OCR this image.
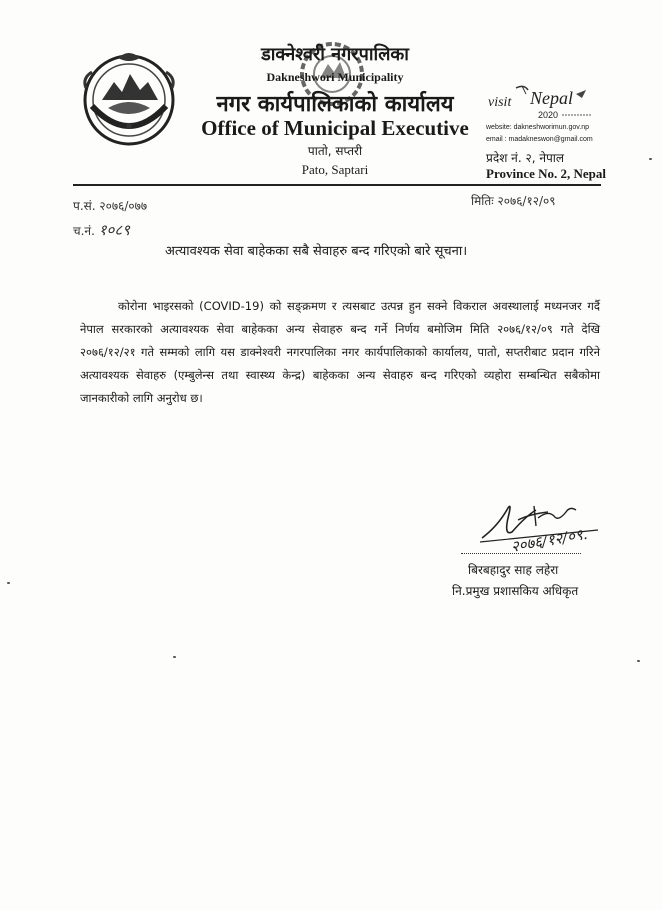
डाक्नेश्वरी नगरपालिका
Dakneshwori Municipality
नगर कार्यपालिकाको कार्यालय
Office of Municipal Executive
पातो, सप्तरी
Pato, Saptari
visit Nepal
2020
website: dakneshworimun.gov.np
email : madakneswon@gmail.com
प्रदेश नं. २, नेपाल
Province No. 2, Nepal
प.सं. २०७६/०७७	मितिः २०७६/१२/०९
च.नं. १०८९
अत्यावश्यक सेवा बाहेकका सबै सेवाहरु बन्द गरिएको बारे सूचना।
कोरोना भाइरसको (COVID-19) को सङ्क्रमण र त्यसबाट उत्पन्न हुन सक्ने विकराल अवस्थालाई मध्यनजर गर्दै नेपाल सरकारको अत्यावश्यक सेवा बाहेकका अन्य सेवाहरु बन्द गर्ने निर्णय बमोजिम मिति २०७६/१२/०९ गते देखि २०७६/१२/२१ गते सम्मको लागि यस डाक्नेश्वरी नगरपालिका नगर कार्यपालिकाको कार्यालय, पातो, सप्तरीबाट प्रदान गरिने अत्यावश्यक सेवाहरु (एम्बुलेन्स तथा स्वास्थ्य केन्द्र) बाहेकका अन्य सेवाहरु बन्द गरिएको व्यहोरा सम्बन्धित सबैकोमा जानकारीको लागि अनुरोध छ।
२०७६/१२/०९.
बिरबहादुर साह लहेरा
नि.प्रमुख प्रशासकिय अधिकृत
